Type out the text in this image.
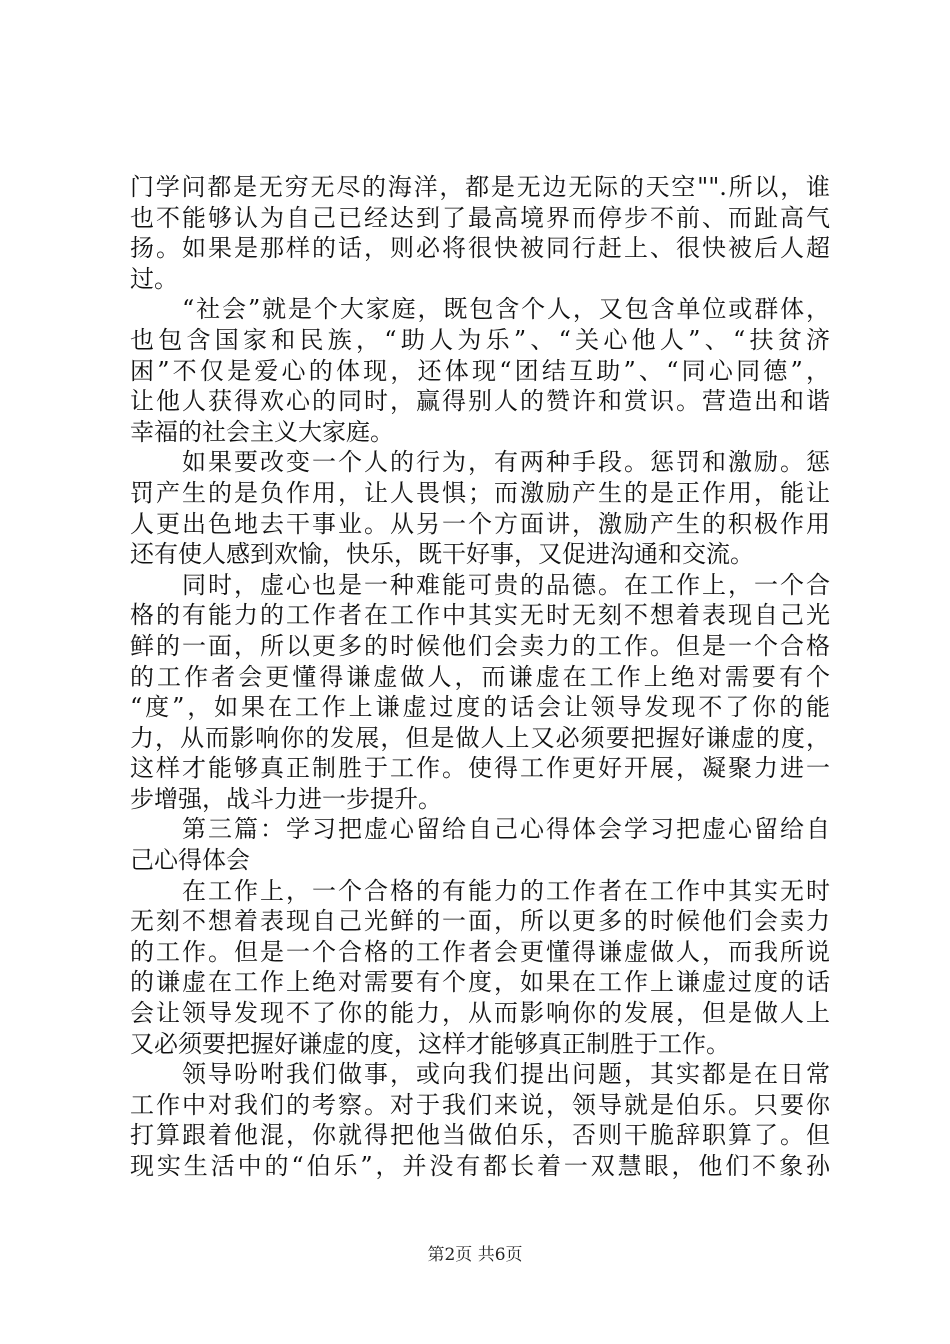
门学问都是无穷无尽的海洋，都是无边无际的天空"".所以，谁
也不能够认为自己已经达到了最高境界而停步不前、而趾高气
扬。如果是那样的话，则必将很快被同行赶上、很快被后人超
过。
“社会”就是个大家庭，既包含个人，又包含单位或群体，
也包含国家和民族，“助人为乐”、“关心他人”、“扶贫济
困”不仅是爱心的体现，还体现“团结互助”、“同心同德”，
让他人获得欢心的同时，赢得别人的赞许和赏识。营造出和谐
幸福的社会主义大家庭。
如果要改变一个人的行为，有两种手段。惩罚和激励。惩
罚产生的是负作用，让人畏惧；而激励产生的是正作用，能让
人更出色地去干事业。从另一个方面讲，激励产生的积极作用
还有使人感到欢愉，快乐，既干好事，又促进沟通和交流。
同时，虚心也是一种难能可贵的品德。在工作上，一个合
格的有能力的工作者在工作中其实无时无刻不想着表现自己光
鲜的一面，所以更多的时候他们会卖力的工作。但是一个合格
的工作者会更懂得谦虚做人，而谦虚在工作上绝对需要有个
“度”，如果在工作上谦虚过度的话会让领导发现不了你的能
力，从而影响你的发展，但是做人上又必须要把握好谦虚的度，
这样才能够真正制胜于工作。使得工作更好开展，凝聚力进一
步增强，战斗力进一步提升。
第三篇：学习把虚心留给自己心得体会学习把虚心留给自
己心得体会
在工作上，一个合格的有能力的工作者在工作中其实无时
无刻不想着表现自己光鲜的一面，所以更多的时候他们会卖力
的工作。但是一个合格的工作者会更懂得谦虚做人，而我所说
的谦虚在工作上绝对需要有个度，如果在工作上谦虚过度的话
会让领导发现不了你的能力，从而影响你的发展，但是做人上
又必须要把握好谦虚的度，这样才能够真正制胜于工作。
领导吩咐我们做事，或向我们提出问题，其实都是在日常
工作中对我们的考察。对于我们来说，领导就是伯乐。只要你
打算跟着他混，你就得把他当做伯乐，否则干脆辞职算了。但
现实生活中的“伯乐”，并没有都长着一双慧眼，他们不象孙
第2页 共6页
